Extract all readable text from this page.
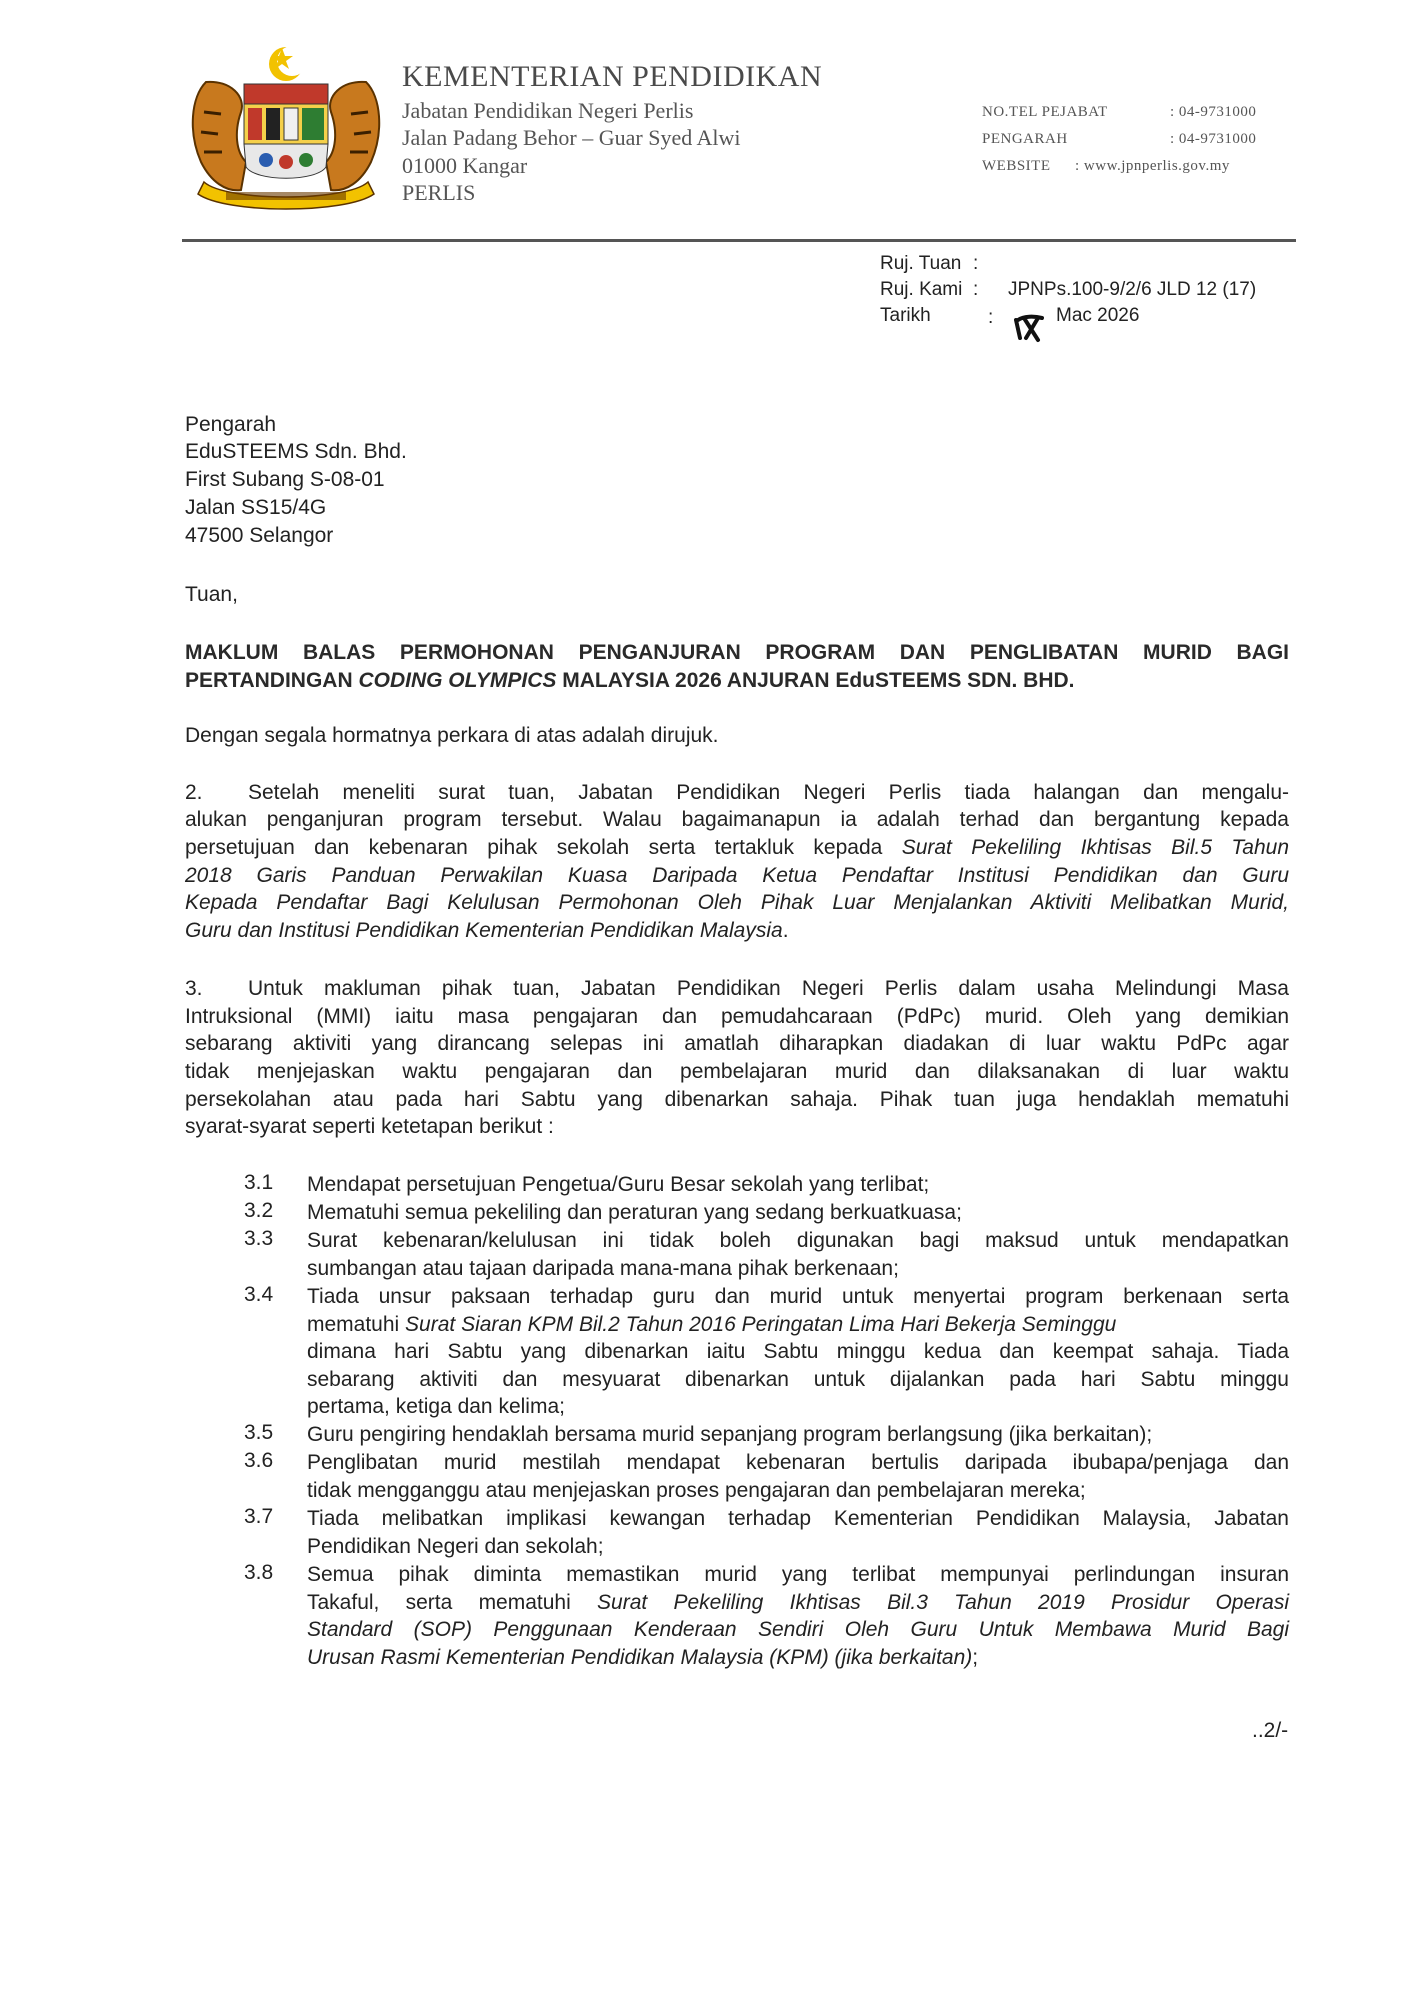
KEMENTERIAN PENDIDIKAN
Jabatan Pendidikan Negeri Perlis
Jalan Padang Behor – Guar Syed Alwi
01000 Kangar
PERLIS
NO.TEL PEJABAT	: 04-9731000
PENGARAH	: 04-9731000
WEBSITE : www.jpnperlis.gov.my
Ruj. Tuan :
Ruj. Kami : JPNPs.100-9/2/6 JLD 12 (17)
Tarikh	:	Mac 2026
Pengarah
EduSTEEMS Sdn. Bhd.
First Subang S-08-01
Jalan SS15/4G
47500 Selangor
Tuan,
MAKLUM BALAS PERMOHONAN PENGANJURAN PROGRAM DAN PENGLIBATAN MURID BAGI
PERTANDINGAN CODING OLYMPICS MALAYSIA 2026 ANJURAN EduSTEEMS SDN. BHD.
Dengan segala hormatnya perkara di atas adalah dirujuk.
2.	Setelah meneliti surat tuan, Jabatan Pendidikan Negeri Perlis tiada halangan dan mengalu-
alukan penganjuran program tersebut. Walau bagaimanapun ia adalah terhad dan bergantung kepada
persetujuan dan kebenaran pihak sekolah serta tertakluk kepada Surat Pekeliling Ikhtisas Bil.5 Tahun
2018 Garis Panduan Perwakilan Kuasa Daripada Ketua Pendaftar Institusi Pendidikan dan Guru
Kepada Pendaftar Bagi Kelulusan Permohonan Oleh Pihak Luar Menjalankan Aktiviti Melibatkan Murid,
Guru dan Institusi Pendidikan Kementerian Pendidikan Malaysia.
3.	Untuk makluman pihak tuan, Jabatan Pendidikan Negeri Perlis dalam usaha Melindungi Masa
Intruksional (MMI) iaitu masa pengajaran dan pemudahcaraan (PdPc) murid. Oleh yang demikian
sebarang aktiviti yang dirancang selepas ini amatlah diharapkan diadakan di luar waktu PdPc agar
tidak menjejaskan waktu pengajaran dan pembelajaran murid dan dilaksanakan di luar waktu
persekolahan atau pada hari Sabtu yang dibenarkan sahaja. Pihak tuan juga hendaklah mematuhi
syarat-syarat seperti ketetapan berikut :
3.1	Mendapat persetujuan Pengetua/Guru Besar sekolah yang terlibat;
3.2	Mematuhi semua pekeliling dan peraturan yang sedang berkuatkuasa;
3.3	Surat kebenaran/kelulusan ini tidak boleh digunakan bagi maksud untuk mendapatkan
sumbangan atau tajaan daripada mana-mana pihak berkenaan;
3.4	Tiada unsur paksaan terhadap guru dan murid untuk menyertai program berkenaan serta
mematuhi Surat Siaran KPM Bil.2 Tahun 2016 Peringatan Lima Hari Bekerja Seminggu
dimana hari Sabtu yang dibenarkan iaitu Sabtu minggu kedua dan keempat sahaja. Tiada
sebarang aktiviti dan mesyuarat dibenarkan untuk dijalankan pada hari Sabtu minggu
pertama, ketiga dan kelima;
3.5	Guru pengiring hendaklah bersama murid sepanjang program berlangsung (jika berkaitan);
3.6	Penglibatan murid mestilah mendapat kebenaran bertulis daripada ibubapa/penjaga dan
tidak mengganggu atau menjejaskan proses pengajaran dan pembelajaran mereka;
3.7	Tiada melibatkan implikasi kewangan terhadap Kementerian Pendidikan Malaysia, Jabatan
Pendidikan Negeri dan sekolah;
3.8	Semua pihak diminta memastikan murid yang terlibat mempunyai perlindungan insuran
Takaful, serta mematuhi Surat Pekeliling Ikhtisas Bil.3 Tahun 2019 Prosidur Operasi
Standard (SOP) Penggunaan Kenderaan Sendiri Oleh Guru Untuk Membawa Murid Bagi
Urusan Rasmi Kementerian Pendidikan Malaysia (KPM) (jika berkaitan);
..2/-
